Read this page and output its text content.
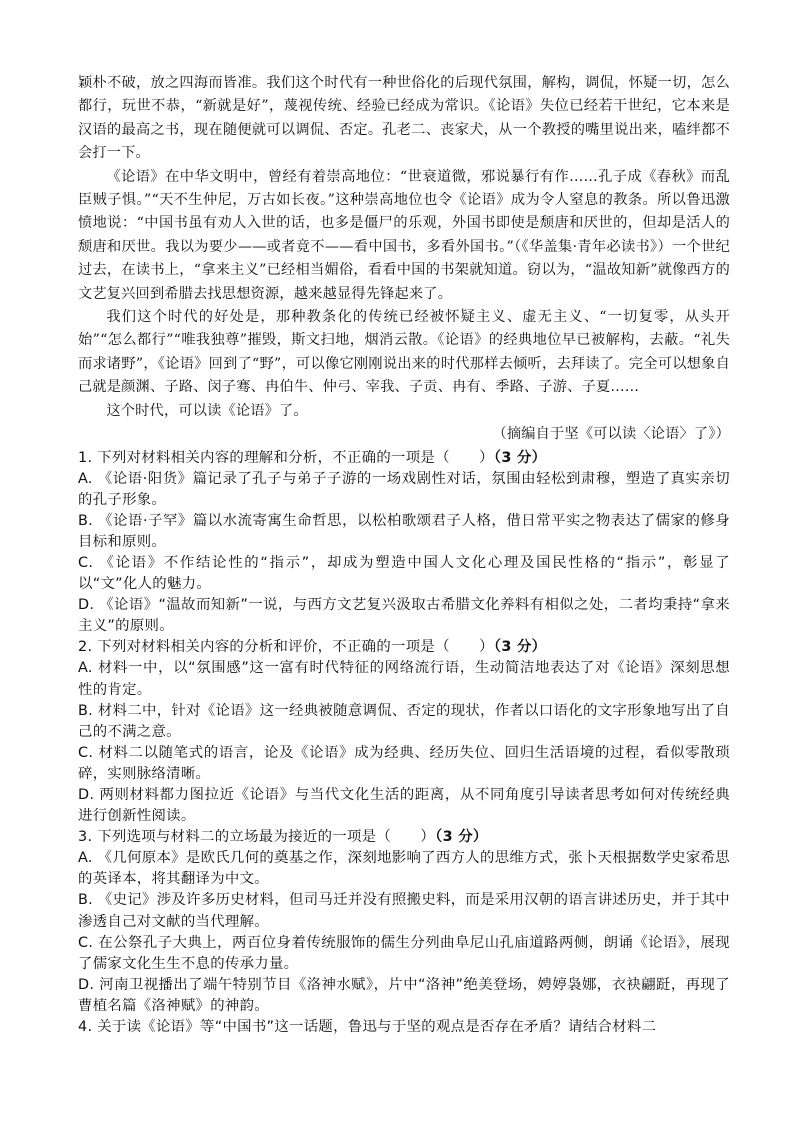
颖朴不破，放之四海而皆准。我们这个时代有一种世俗化的后现代氛围，解构，调侃，怀疑一切，怎么都行，玩世不恭，“新就是好”，蔑视传统、经验已经成为常识。《论语》失位已经若干世纪，它本来是汉语的最高之书，现在随便就可以调侃、否定。孔老二、丧家犬，从一个教授的嘴里说出来，嗑绊都不会打一下。

《论语》在中华文明中，曾经有着崇高地位：“世衰道微，邪说暴行有作……孔子成《春秋》而乱臣贼子惧。”“天不生仲尼，万古如长夜。”这种崇高地位也令《论语》成为令人窒息的教条。所以鲁迅激愤地说：“中国书虽有劝人入世的话，也多是僵尸的乐观，外国书即使是颓唐和厌世的，但却是活人的颓唐和厌世。我以为要少——或者竟不——看中国书，多看外国书。”（《华盖集·青年必读书》）一个世纪过去，在读书上，“拿来主义”已经相当媚俗，看看中国的书架就知道。窃以为，“温故知新”就像西方的文艺复兴回到希腊去找思想资源，越来越显得先锋起来了。

我们这个时代的好处是，那种教条化的传统已经被怀疑主义、虚无主义、“一切复零，从头开始”“怎么都行”“唯我独尊”摧毁，斯文扫地，烟消云散。《论语》的经典地位早已被解构，去蔽。“礼失而求诸野”，《论语》回到了“野”，可以像它刚刚说出来的时代那样去倾听，去拜读了。完全可以想象自己就是颜渊、子路、闵子骞、冉伯牛、仲弓、宰我、子贡、冉有、季路、子游、子夏……

这个时代，可以读《论语》了。

（摘编自于坚《可以读〈论语〉了》）

1. 下列对材料相关内容的理解和分析，不正确的一项是（　　）（3 分）

A. 《论语·阳货》篇记录了孔子与弟子子游的一场戏剧性对话，氛围由轻松到肃穆，塑造了真实亲切的孔子形象。

B. 《论语·子罕》篇以水流寄寓生命哲思，以松柏歌颂君子人格，借日常平实之物表达了儒家的修身目标和原则。

C. 《论语》不作结论性的“指示”，却成为塑造中国人文化心理及国民性格的“指示”，彰显了以“文”化人的魅力。

D. 《论语》“温故而知新”一说，与西方文艺复兴汲取古希腊文化养料有相似之处，二者均秉持“拿来主义”的原则。

2. 下列对材料相关内容的分析和评价，不正确的一项是（　　）（3 分）

A. 材料一中，以“氛围感”这一富有时代特征的网络流行语，生动简洁地表达了对《论语》深刻思想性的肯定。

B. 材料二中，针对《论语》这一经典被随意调侃、否定的现状，作者以口语化的文字形象地写出了自己的不满之意。

C. 材料二以随笔式的语言，论及《论语》成为经典、经历失位、回归生活语境的过程，看似零散琐碎，实则脉络清晰。

D. 两则材料都力图拉近《论语》与当代文化生活的距离，从不同角度引导读者思考如何对传统经典进行创新性阅读。

3. 下列选项与材料二的立场最为接近的一项是（　　）（3 分）

A. 《几何原本》是欧氏几何的奠基之作，深刻地影响了西方人的思维方式，张卜天根据数学史家希思的英译本，将其翻译为中文。

B. 《史记》涉及许多历史材料，但司马迁并没有照搬史料，而是采用汉朝的语言讲述历史，并于其中渗透自己对文献的当代理解。

C. 在公祭孔子大典上，两百位身着传统服饰的儒生分列曲阜尼山孔庙道路两侧，朗诵《论语》，展现了儒家文化生生不息的传承力量。

D. 河南卫视播出了端午特别节目《洛神水赋》，片中“洛神”绝美登场，娉婷袅娜，衣袂翩跹，再现了曹植名篇《洛神赋》的神韵。

4. 关于读《论语》等“中国书”这一话题，鲁迅与于坚的观点是否存在矛盾？请结合材料二
